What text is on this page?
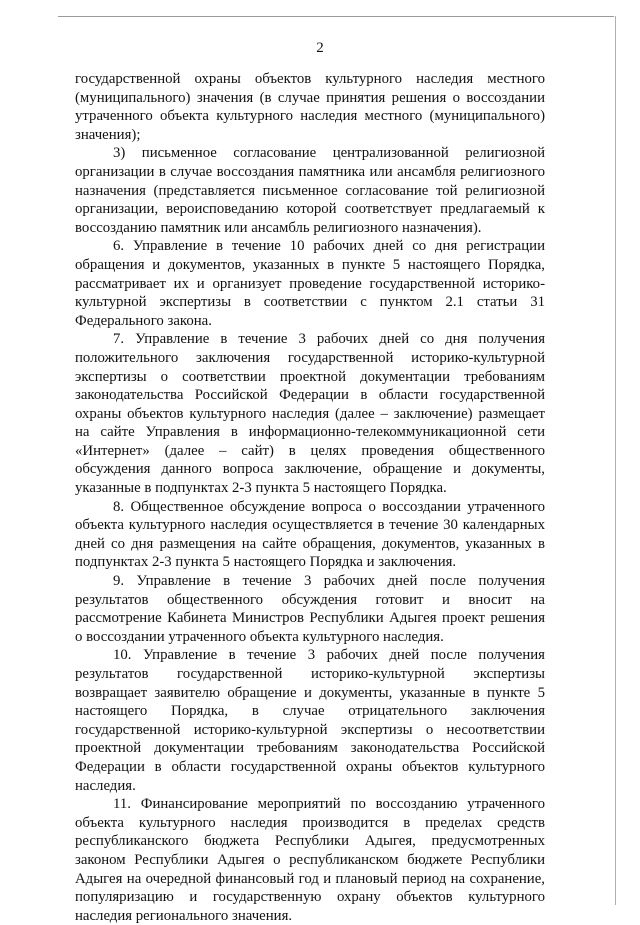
2

государственной охраны объектов культурного наследия местного (муниципального) значения (в случае принятия решения о воссоздании утраченного объекта культурного наследия местного (муниципального) значения);

3) письменное согласование централизованной религиозной организации в случае воссоздания памятника или ансамбля религиозного назначения (представляется письменное согласование той религиозной организации, вероисповеданию которой соответствует предлагаемый к воссозданию памятник или ансамбль религиозного назначения).

6. Управление в течение 10 рабочих дней со дня регистрации обращения и документов, указанных в пункте 5 настоящего Порядка, рассматривает их и организует проведение государственной историко-культурной экспертизы в соответствии с пунктом 2.1 статьи 31 Федерального закона.

7. Управление в течение 3 рабочих дней со дня получения положительного заключения государственной историко-культурной экспертизы о соответствии проектной документации требованиям законодательства Российской Федерации в области государственной охраны объектов культурного наследия (далее – заключение) размещает на сайте Управления в информационно-телекоммуникационной сети «Интернет» (далее – сайт) в целях проведения общественного обсуждения данного вопроса заключение, обращение и документы, указанные в подпунктах 2-3 пункта 5 настоящего Порядка.

8. Общественное обсуждение вопроса о воссоздании утраченного объекта культурного наследия осуществляется в течение 30 календарных дней со дня размещения на сайте обращения, документов, указанных в подпунктах 2-3 пункта 5 настоящего Порядка и заключения.

9. Управление в течение 3 рабочих дней после получения результатов общественного обсуждения готовит и вносит на рассмотрение Кабинета Министров Республики Адыгея проект решения о воссоздании утраченного объекта культурного наследия.

10. Управление в течение 3 рабочих дней после получения результатов государственной историко-культурной экспертизы возвращает заявителю обращение и документы, указанные в пункте 5 настоящего Порядка, в случае отрицательного заключения государственной историко-культурной экспертизы о несоответствии проектной документации требованиям законодательства Российской Федерации в области государственной охраны объектов культурного наследия.

11. Финансирование мероприятий по воссозданию утраченного объекта культурного наследия производится в пределах средств республиканского бюджета Республики Адыгея, предусмотренных законом Республики Адыгея о республиканском бюджете Республики Адыгея на очередной финансовый год и плановый период на сохранение, популяризацию и государственную охрану объектов культурного наследия регионального значения.
